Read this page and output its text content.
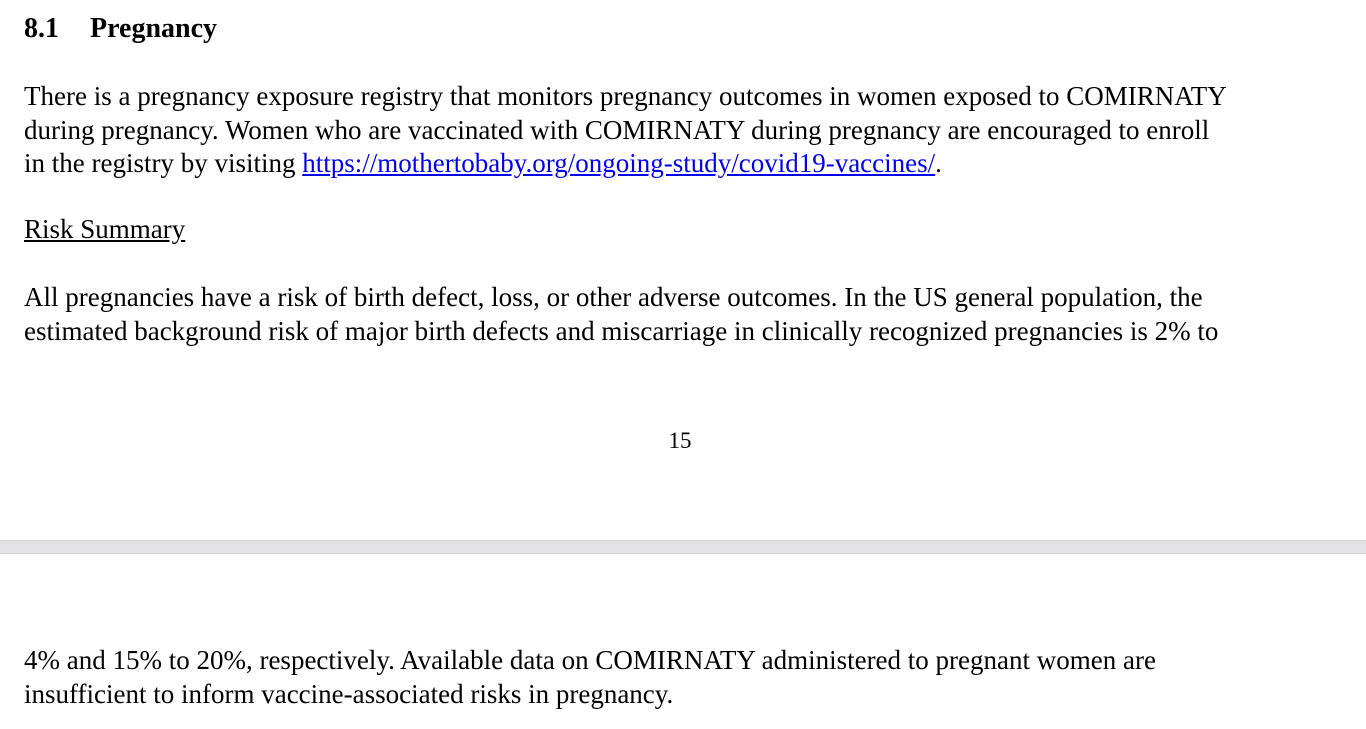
8.1 Pregnancy
There is a pregnancy exposure registry that monitors pregnancy outcomes in women exposed to COMIRNATY
during pregnancy. Women who are vaccinated with COMIRNATY during pregnancy are encouraged to enroll
in the registry by visiting https://mothertobaby.org/ongoing-study/covid19-vaccines/.
Risk Summary
All pregnancies have a risk of birth defect, loss, or other adverse outcomes. In the US general population, the
estimated background risk of major birth defects and miscarriage in clinically recognized pregnancies is 2% to
15
4% and 15% to 20%, respectively. Available data on COMIRNATY administered to pregnant women are
insufficient to inform vaccine-associated risks in pregnancy.
